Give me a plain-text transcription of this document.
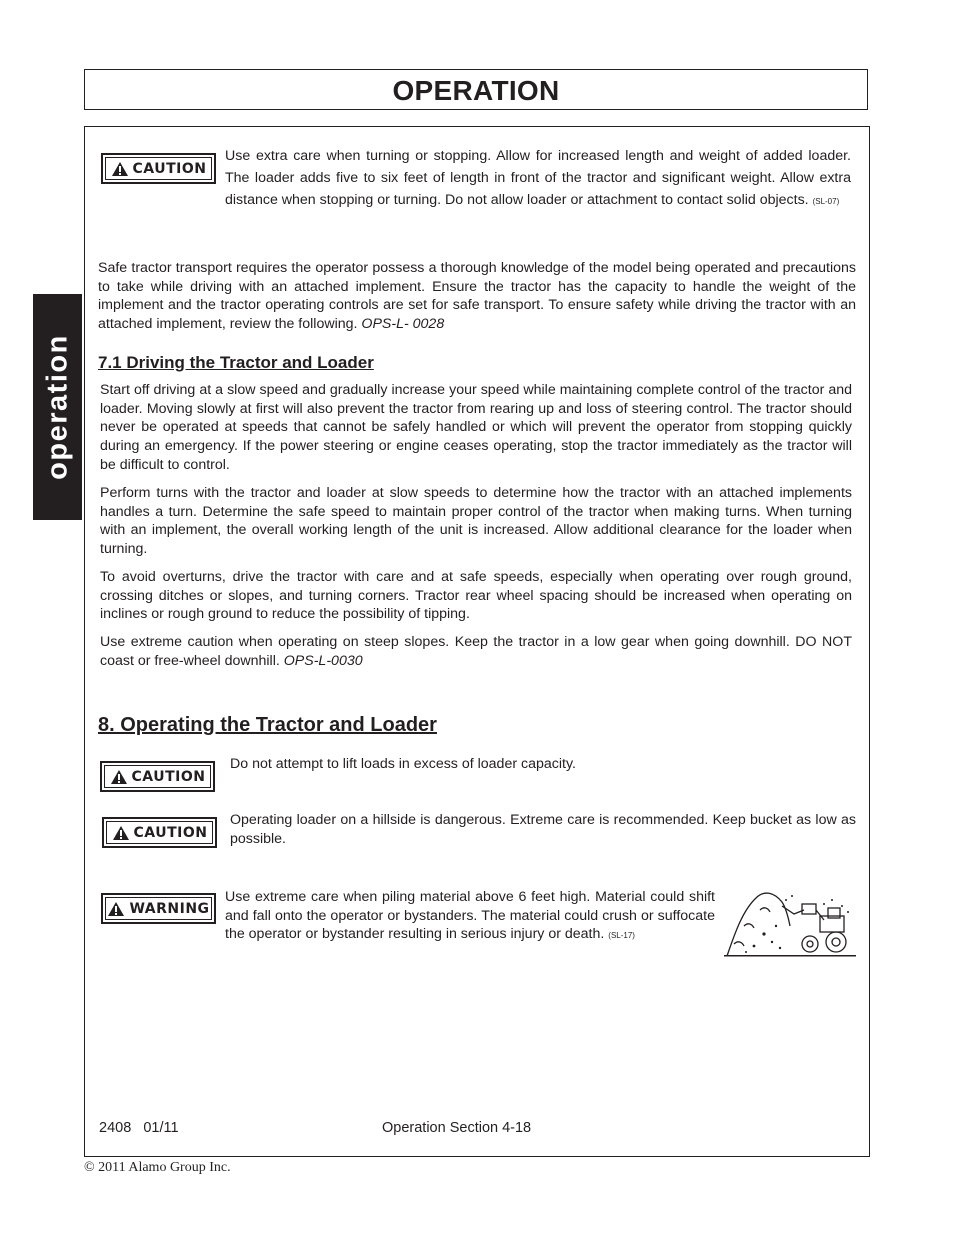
OPERATION
operation
CAUTION
Use extra care when turning or stopping. Allow for increased length and weight of added loader. The loader adds five to six feet of length in front of the tractor and significant weight. Allow extra distance when stopping or turning. Do not allow loader or attachment to contact solid objects. (SL-07)
Safe tractor transport requires the operator possess a thorough knowledge of the model being operated and precautions to take while driving with an attached implement. Ensure the tractor has the capacity to handle the weight of the implement and the tractor operating controls are set for safe transport. To ensure safety while driving the tractor with an attached implement, review the following. OPS-L- 0028
7.1 Driving the Tractor and Loader
Start off driving at a slow speed and gradually increase your speed while maintaining complete control of the tractor and loader. Moving slowly at first will also prevent the tractor from rearing up and loss of steering control. The tractor should never be operated at speeds that cannot be safely handled or which will prevent the operator from stopping quickly during an emergency. If the power steering or engine ceases operating, stop the tractor immediately as the tractor will be difficult to control.
Perform turns with the tractor and loader at slow speeds to determine how the tractor with an attached implements handles a turn. Determine the safe speed to maintain proper control of the tractor when making turns. When turning with an implement, the overall working length of the unit is increased. Allow additional clearance for the loader when turning.
To avoid overturns, drive the tractor with care and at safe speeds, especially when operating over rough ground, crossing ditches or slopes, and turning corners. Tractor rear wheel spacing should be increased when operating on inclines or rough ground to reduce the possibility of tipping.
Use extreme caution when operating on steep slopes. Keep the tractor in a low gear when going downhill. DO NOT coast or free-wheel downhill. OPS-L-0030
8. Operating the Tractor and Loader
CAUTION
Do not attempt to lift loads in excess of loader capacity.
CAUTION
Operating loader on a hillside is dangerous. Extreme care is recommended. Keep bucket as low as possible.
WARNING
Use extreme care when piling material above 6 feet high. Material could shift and fall onto the operator or bystanders. The material could crush or suffocate the operator or bystander resulting in serious injury or death. (SL-17)
2408   01/11	Operation Section 4-18
© 2011 Alamo Group Inc.
